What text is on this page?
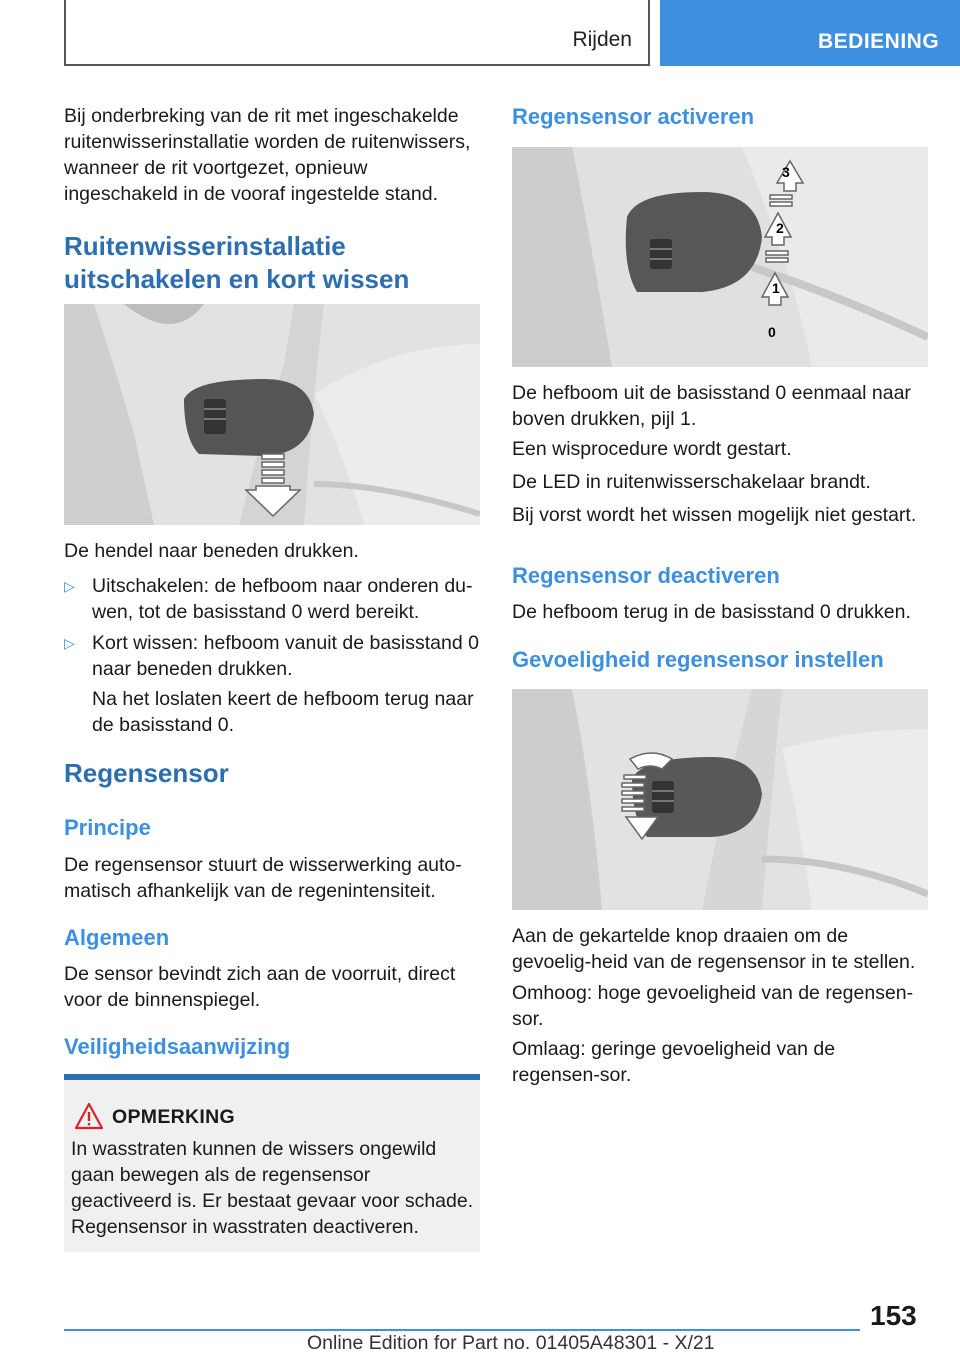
Rijden	BEDIENING

Bij onderbreking van de rit met ingeschakelde ruitenwisserinstallatie worden de ruitenwissers, wanneer de rit voortgezet, opnieuw ingeschakeld in de vooraf ingestelde stand.

Ruitenwisserinstallatie uitschakelen en kort wissen

De hendel naar beneden drukken.

▷ Uitschakelen: de hefboom naar onderen du-wen, tot de basisstand 0 werd bereikt.

▷ Kort wissen: hefboom vanuit de basisstand 0 naar beneden drukken.

Na het loslaten keert de hefboom terug naar de basisstand 0.

Regensensor
Principe

De regensensor stuurt de wisserwerking auto-matisch afhankelijk van de regenintensiteit.

Algemeen

De sensor bevindt zich aan de voorruit, direct voor de binnenspiegel.

Veiligheidsaanwijzing
OPMERKING

In wasstraten kunnen de wissers ongewild gaan bewegen als de regensensor geactiveerd is. Er bestaat gevaar voor schade. Regensensor in wasstraten deactiveren.

Regensensor activeren
3
2
1
0

De hefboom uit de basisstand 0 eenmaal naar boven drukken, pijl 1.

Een wisprocedure wordt gestart.

De LED in ruitenwisserschakelaar brandt.

Bij vorst wordt het wissen mogelijk niet gestart.

Regensensor deactiveren

De hefboom terug in de basisstand 0 drukken.

Gevoeligheid regensensor instellen

Aan de gekartelde knop draaien om de gevoelig-heid van de regensensor in te stellen.

Omhoog: hoge gevoeligheid van de regensen-sor.

Omlaag: geringe gevoeligheid van de regensen-sor.

153
Online Edition for Part no. 01405A48301 - X/21
